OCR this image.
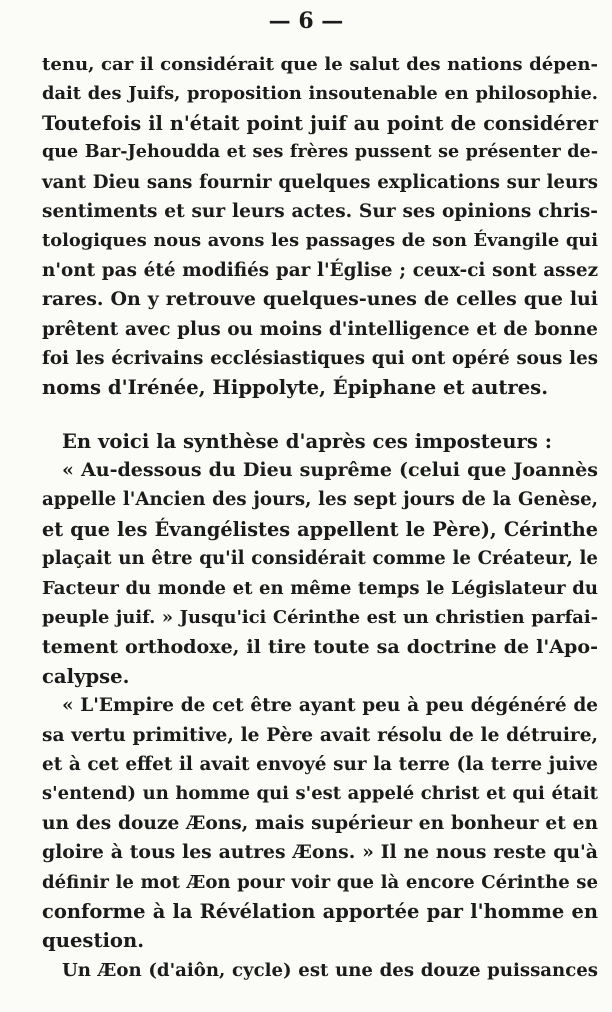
— 6 —
tenu, car il considérait que le salut des nations dépen-
dait des Juifs, proposition insoutenable en philosophie.
Toutefois il n'était point juif au point de considérer
que Bar-Jehoudda et ses frères pussent se présenter de-
vant Dieu sans fournir quelques explications sur leurs
sentiments et sur leurs actes. Sur ses opinions chris-
tologiques nous avons les passages de son Évangile qui
n'ont pas été modifiés par l'Église ; ceux-ci sont assez
rares. On y retrouve quelques-unes de celles que lui
prêtent avec plus ou moins d'intelligence et de bonne
foi les écrivains ecclésiastiques qui ont opéré sous les
noms d'Irénée, Hippolyte, Épiphane et autres.
En voici la synthèse d'après ces imposteurs :
« Au-dessous du Dieu suprême (celui que Joannès
appelle l'Ancien des jours, les sept jours de la Genèse,
et que les Évangélistes appellent le Père), Cérinthe
plaçait un être qu'il considérait comme le Créateur, le
Facteur du monde et en même temps le Législateur du
peuple juif. » Jusqu'ici Cérinthe est un christien parfai-
tement orthodoxe, il tire toute sa doctrine de l'Apo-
calypse.
« L'Empire de cet être ayant peu à peu dégénéré de
sa vertu primitive, le Père avait résolu de le détruire,
et à cet effet il avait envoyé sur la terre (la terre juive
s'entend) un homme qui s'est appelé christ et qui était
un des douze Æons, mais supérieur en bonheur et en
gloire à tous les autres Æons. » Il ne nous reste qu'à
définir le mot Æon pour voir que là encore Cérinthe se
conforme à la Révélation apportée par l'homme en
question.
Un Æon (d'aiôn, cycle) est une des douze puissances
